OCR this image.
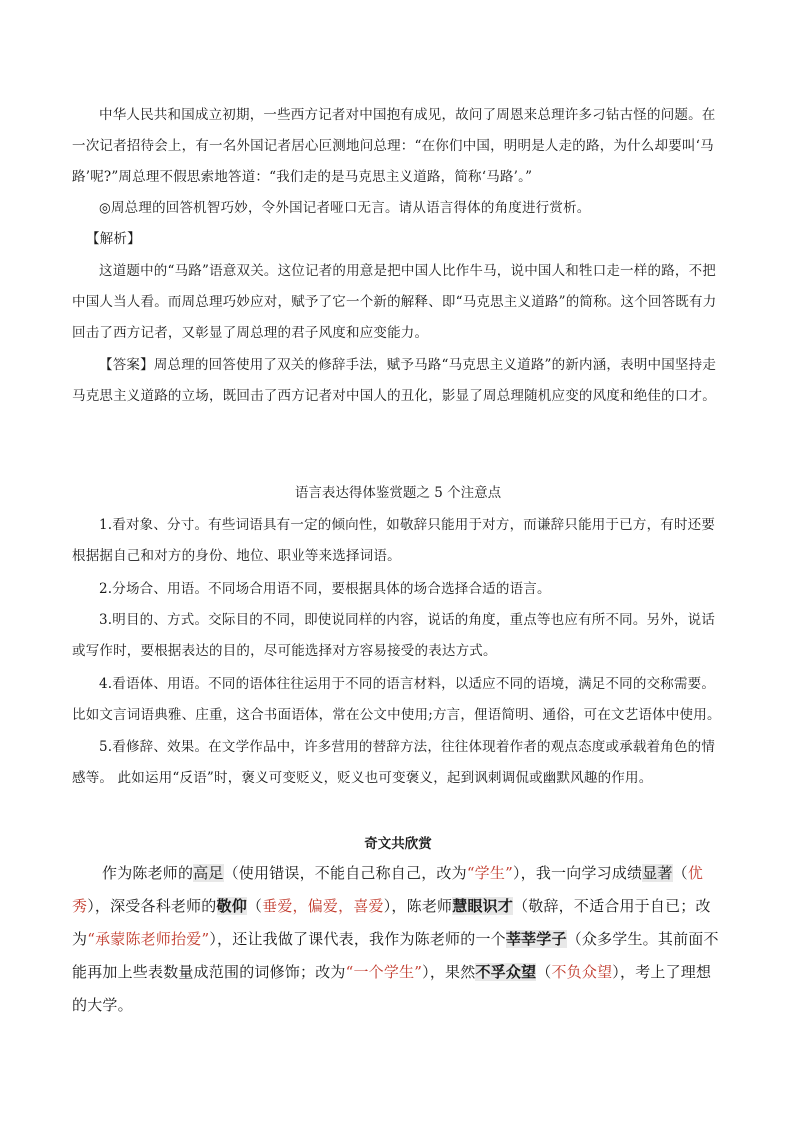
中华人民共和国成立初期，一些西方记者对中国抱有成见，故问了周恩来总理许多刁钻古怪的问题。在一次记者招待会上，有一名外国记者居心叵测地问总理：“在你们中国，明明是人走的路，为什么却要叫‘马路’呢?”周总理不假思索地答道：“我们走的是马克思主义道路，简称‘马路’。”

◎周总理的回答机智巧妙，令外国记者哑口无言。请从语言得体的角度进行赏析。

【解析】

这道题中的“马路”语意双关。这位记者的用意是把中国人比作牛马，说中国人和牲口走一样的路，不把中国人当人看。而周总理巧妙应对，赋予了它一个新的解释、即“马克思主义道路”的简称。这个回答既有力回击了西方记者，又彰显了周总理的君子风度和应变能力。

【答案】周总理的回答使用了双关的修辞手法，赋予马路“马克思主义道路”的新内涵，表明中国坚持走马克思主义道路的立场，既回击了西方记者对中国人的丑化，影显了周总理随机应变的风度和绝佳的口才。

语言表达得体鉴赏题之 5 个注意点

1.看对象、分寸。有些词语具有一定的倾向性，如敬辞只能用于对方，而谦辞只能用于已方，有时还要根据据自己和对方的身份、地位、职业等来选择词语。

2.分场合、用语。不同场合用语不同，要根据具体的场合选择合适的语言。

3.明目的、方式。交际目的不同，即使说同样的内容，说话的角度，重点等也应有所不同。另外，说话或写作时，要根据表达的目的，尽可能选择对方容易接受的表达方式。

4.看语体、用语。不同的语体往往运用于不同的语言材料，以适应不同的语境，满足不同的交称需要。比如文言词语典雅、庄重，这合书面语体，常在公文中使用;方言，俚语简明、通俗，可在文艺语体中使用。

5.看修辞、效果。在文学作品中，许多营用的替辞方法，往往体现着作者的观点态度或承载着角色的情感等。 此如运用“反语”时，褒义可变贬义，贬义也可变褒义，起到讽刺调侃或幽默风趣的作用。

奇文共欣赏

作为陈老师的高足（使用错误，不能自己称自己，改为“学生”），我一向学习成绩显著（优秀），深受各科老师的敬仰（垂爱，偏爱，喜爱），陈老师慧眼识才（敬辞，不适合用于自已；改为“承蒙陈老师抬爱”），还让我做了课代表，我作为陈老师的一个莘莘学子（众多学生。其前面不能再加上些表数量成范围的词修饰；改为“一个学生”），果然不孚众望（不负众望），考上了理想的大学。
